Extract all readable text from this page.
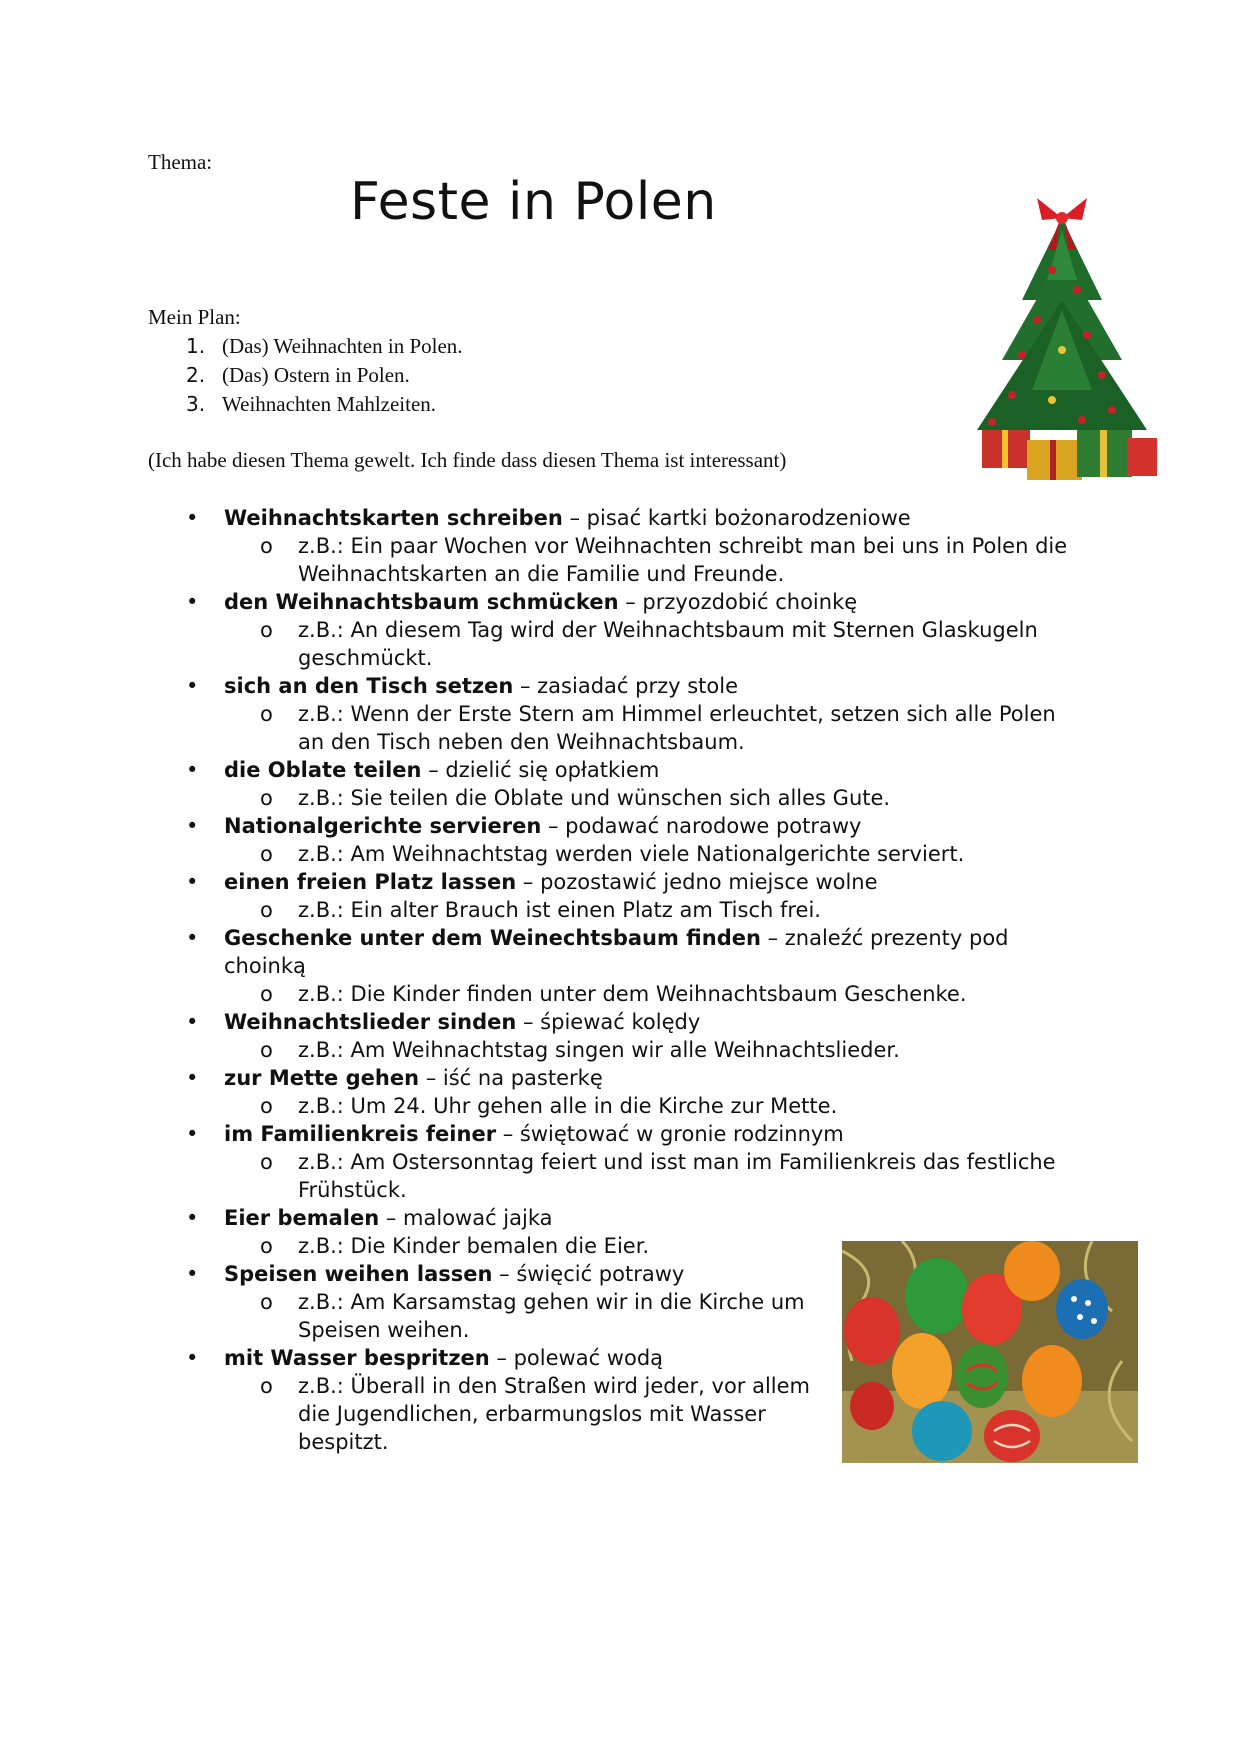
Thema:
Feste in Polen
Mein Plan:
1. (Das) Weihnachten in Polen.
2. (Das) Ostern in Polen.
3. Weihnachten Mahlzeiten.
(Ich habe diesen Thema gewelt. Ich finde dass diesen Thema ist interessant)
• Weihnachtskarten schreiben – pisać kartki bożonarodzeniowe
o z.B.: Ein paar Wochen vor Weihnachten schreibt man bei uns in Polen die Weihnachtskarten an die Familie und Freunde.
• den Weihnachtsbaum schmücken – przyozdobić choinkę
o z.B.: An diesem Tag wird der Weihnachtsbaum mit Sternen Glaskugeln geschmückt.
• sich an den Tisch setzen – zasiadać przy stole
o z.B.: Wenn der Erste Stern am Himmel erleuchtet, setzen sich alle Polen an den Tisch neben den Weihnachtsbaum.
• die Oblate teilen – dzielić się opłatkiem
o z.B.: Sie teilen die Oblate und wünschen sich alles Gute.
• Nationalgerichte servieren – podawać narodowe potrawy
o z.B.: Am Weihnachtstag werden viele Nationalgerichte serviert.
• einen freien Platz lassen – pozostawić jedno miejsce wolne
o z.B.: Ein alter Brauch ist einen Platz am Tisch frei.
• Geschenke unter dem Weinechtsbaum finden – znaleźć prezenty pod choinką
o z.B.: Die Kinder finden unter dem Weihnachtsbaum Geschenke.
• Weihnachtslieder sinden – śpiewać kolędy
o z.B.: Am Weihnachtstag singen wir alle Weihnachtslieder.
• zur Mette gehen – iść na pasterkę
o z.B.: Um 24. Uhr gehen alle in die Kirche zur Mette.
• im Familienkreis feiner – świętować w gronie rodzinnym
o z.B.: Am Ostersonntag feiert und isst man im Familienkreis das festliche Frühstück.
• Eier bemalen – malować jajka
o z.B.: Die Kinder bemalen die Eier.
• Speisen weihen lassen – święcić potrawy
o z.B.: Am Karsamstag gehen wir in die Kirche um Speisen weihen.
• mit Wasser bespritzen – polewać wodą
o z.B.: Überall in den Straßen wird jeder, vor allem die Jugendlichen, erbarmungslos mit Wasser bespitzt.
